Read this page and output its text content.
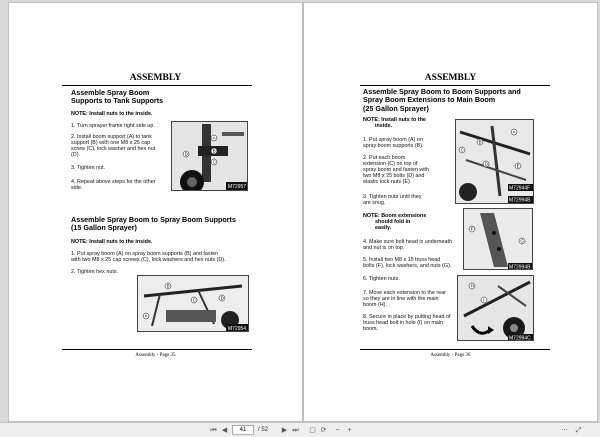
ASSEMBLY
Assemble Spray Boom
Supports to Tank Supports
NOTE: Install nuts to the inside.
1. Turn sprayer frame right side up.
2. Install boom support (A) to tank
support (B) with one M8 x 25 cap
screw (C), lock washer and hex nut
(D).
3. Tighten nut.
4. Repeat above steps for the other
side.
A
B
C
D
M72957
Assemble Spray Boom to Spray Boom Supports
(15 Gallon Sprayer)
NOTE: Install nuts to the inside.
1. Put spray boom (A) on spray boom supports (B) and fasten
with two M8 x 25 cap screws (C), lock washers and hex nuts (D).
2. Tighten hex nuts.
A
B
C	D
M72954
Assembly - Page 35
ASSEMBLY
Assemble Spray Boom to Boom Supports and
Spray Boom Extensions to Main Boom
(25 Gallon Sprayer)
NOTE: Install nuts to the
inside.
1. Put spray boom (A) on
spray boom supports (B).
2. Put each boom
extension (C) on top of
spray boom and fasten with
two M8 x 25 bolts (D) and
elastic lock nuts (E).
3. Tighten nuts until they
are snug.
NOTE: Boom extensions
should fold in
easily.
4. Make sure bolt head is underneath
and nut is on top.
5. Install two M8 x 15 truss head
bolts (F), lock washers, and nuts (G).
6. Tighten nuts.
7. Move each extension to the rear
so they are in line with the main
boom (H).
8. Secure in place by putting head of
truss head bolt in hole (I) on main
boom.
A
B
C
D	E
M72944F
M72994B
F
G
M72994B
H
I
M72994C
Assembly - Page 36
⏮ ◀	41	/ 52 ▶ ⏭ ▢ ⟳	−	+	⋯ ⤢
